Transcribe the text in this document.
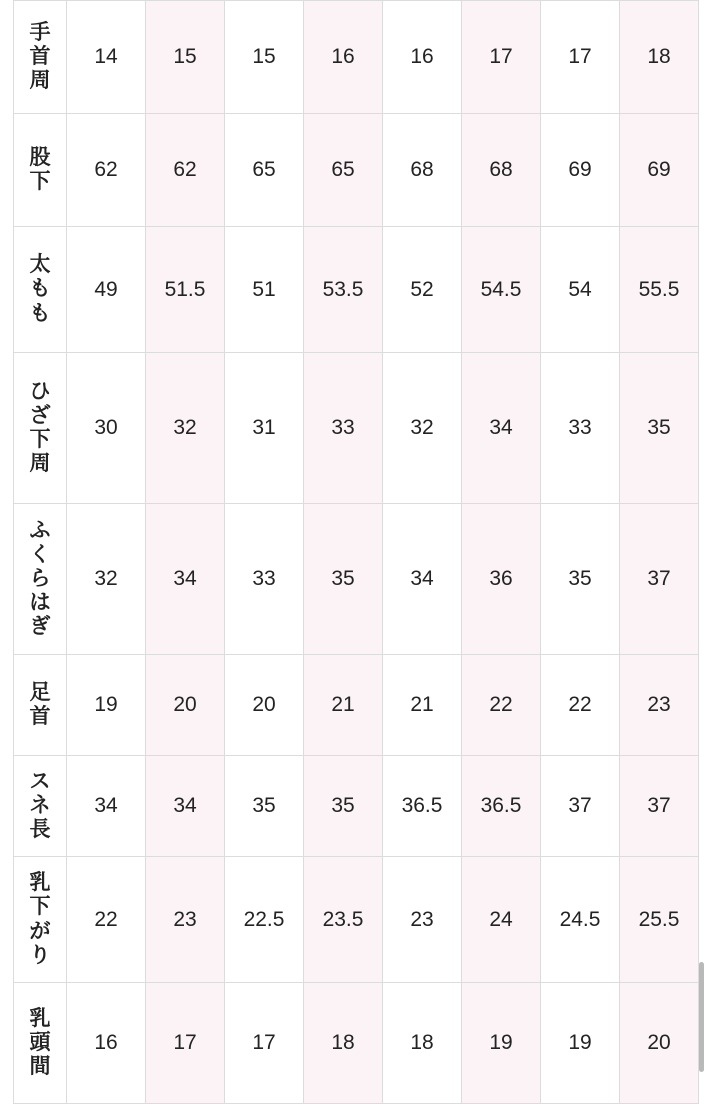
手首周	14	15	15	16	16	17	17	18

股下	62	62	65	65	68	68	69	69

太もも	49	51.5	51	53.5	52	54.5	54	55.5

ひざ下周	30	32	31	33	32	34	33	35

ふくらはぎ	32	34	33	35	34	36	35	37

足首	19	20	20	21	21	22	22	23

スネ長	34	34	35	35	36.5	36.5	37	37

乳下がり	22	23	22.5	23.5	23	24	24.5	25.5

乳頭間	16	17	17	18	18	19	19	20
